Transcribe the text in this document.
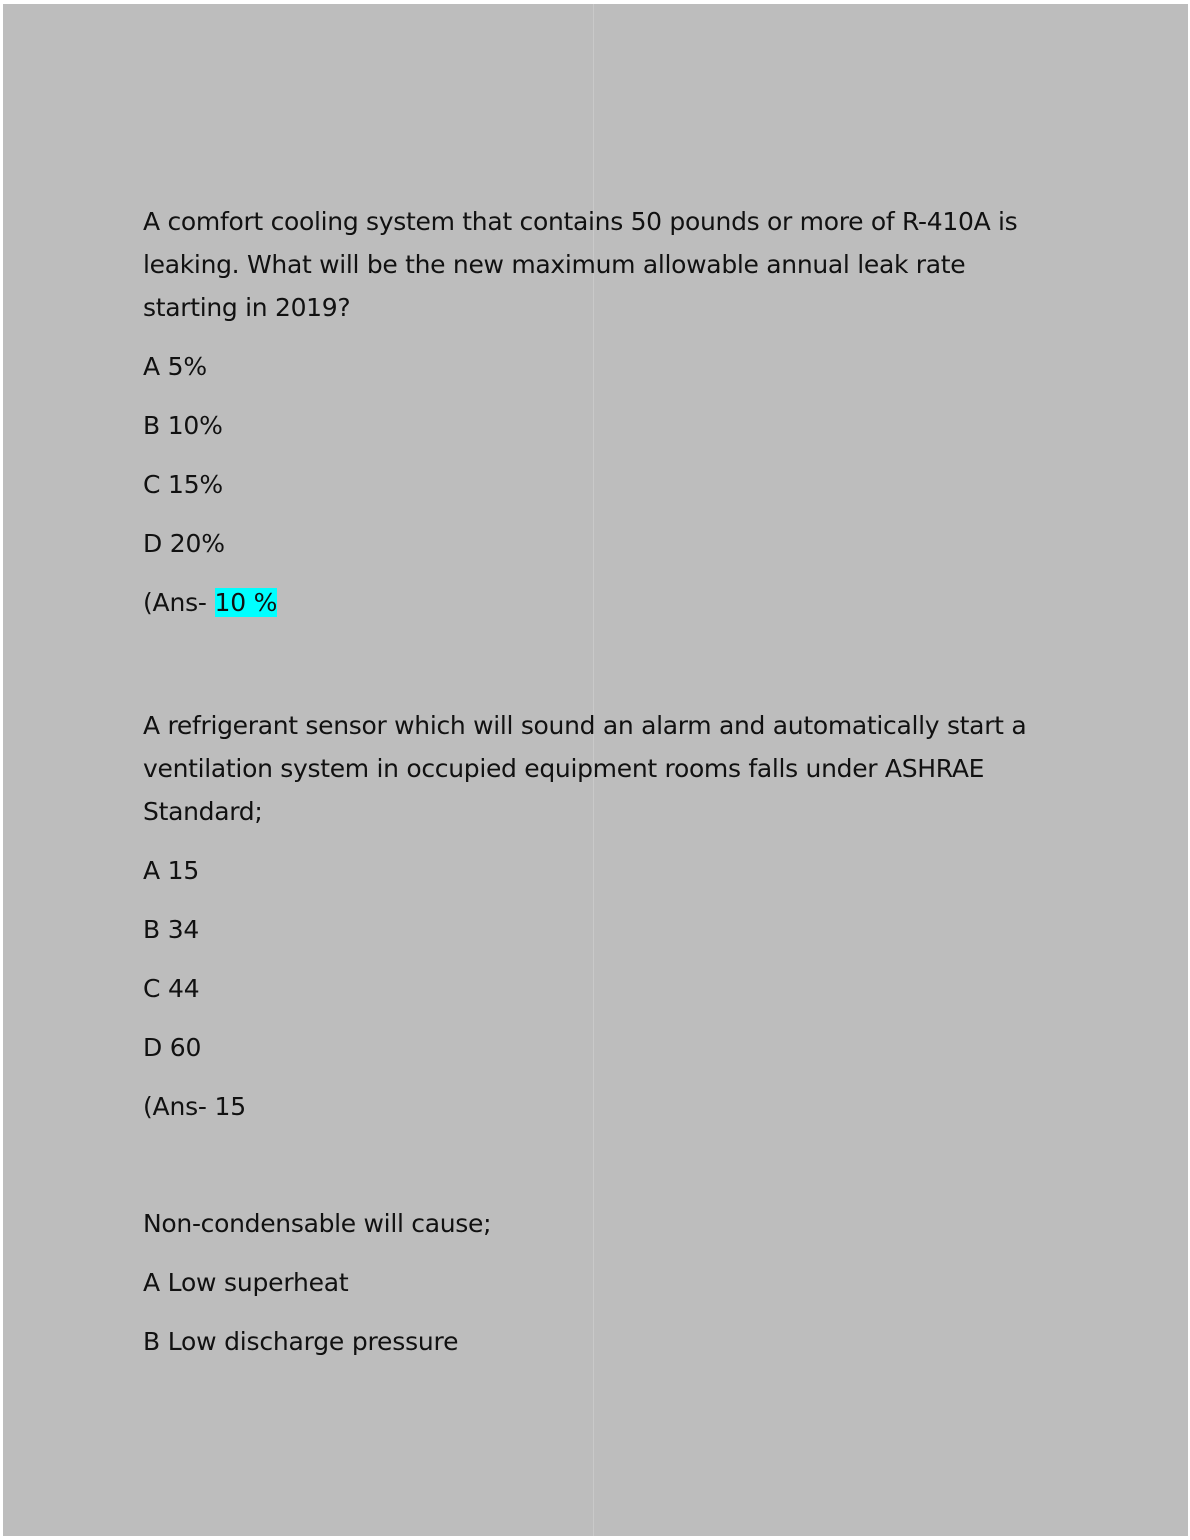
A comfort cooling system that contains 50 pounds or more of R-410A is leaking. What will be the new maximum allowable annual leak rate starting in 2019?

A 5%

B 10%

C 15%

D 20%

(Ans- 10 %

A refrigerant sensor which will sound an alarm and automatically start a ventilation system in occupied equipment rooms falls under ASHRAE Standard;

A 15

B 34

C 44

D 60

(Ans- 15

Non-condensable will cause;

A Low superheat

B Low discharge pressure
